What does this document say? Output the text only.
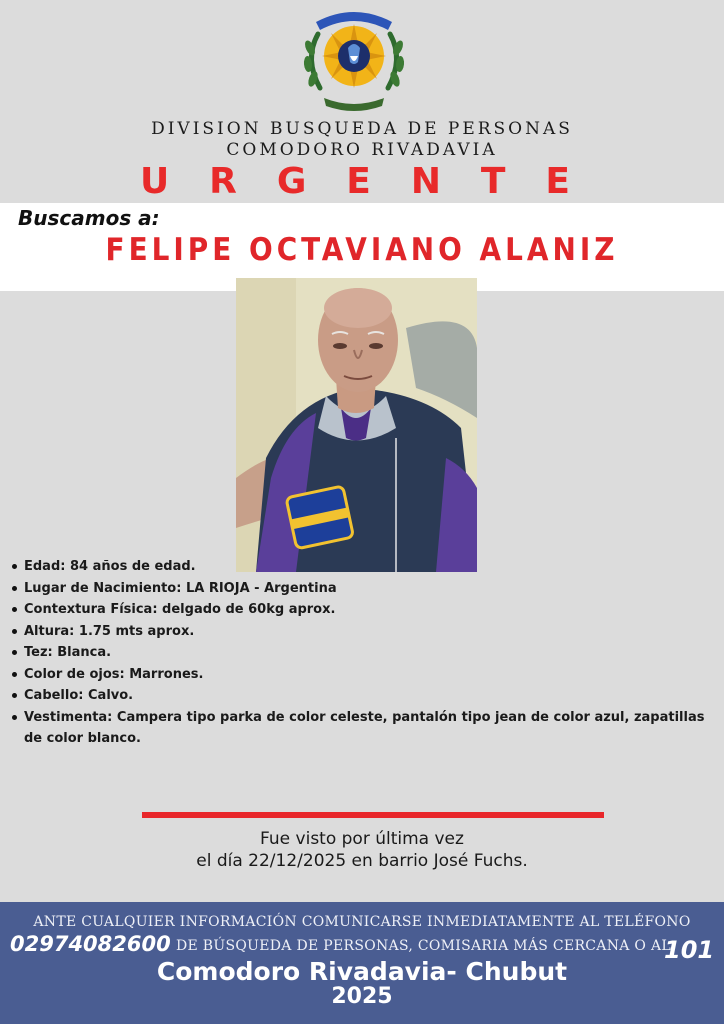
DIVISION BUSQUEDA DE PERSONAS
COMODORO RIVADAVIA
U R G E N T E
Buscamos a:
FELIPE OCTAVIANO ALANIZ
Edad: 84 años de edad.
Lugar de Nacimiento: LA RIOJA - Argentina
Contextura Física: delgado de 60kg aprox.
Altura: 1.75 mts aprox.
Tez: Blanca.
Color de ojos: Marrones.
Cabello: Calvo.
Vestimenta: Campera tipo parka de color celeste, pantalón tipo jean de color azul, zapatillas de color blanco.
Fue visto por última vez
el día 22/12/2025 en barrio José Fuchs.
ANTE CUALQUIER INFORMACIÓN COMUNICARSE INMEDIATAMENTE AL TELÉFONO
02974082600 DE BÚSQUEDA DE PERSONAS, COMISARIA MÁS CERCANA O AL
101
Comodoro Rivadavia- Chubut
2025
